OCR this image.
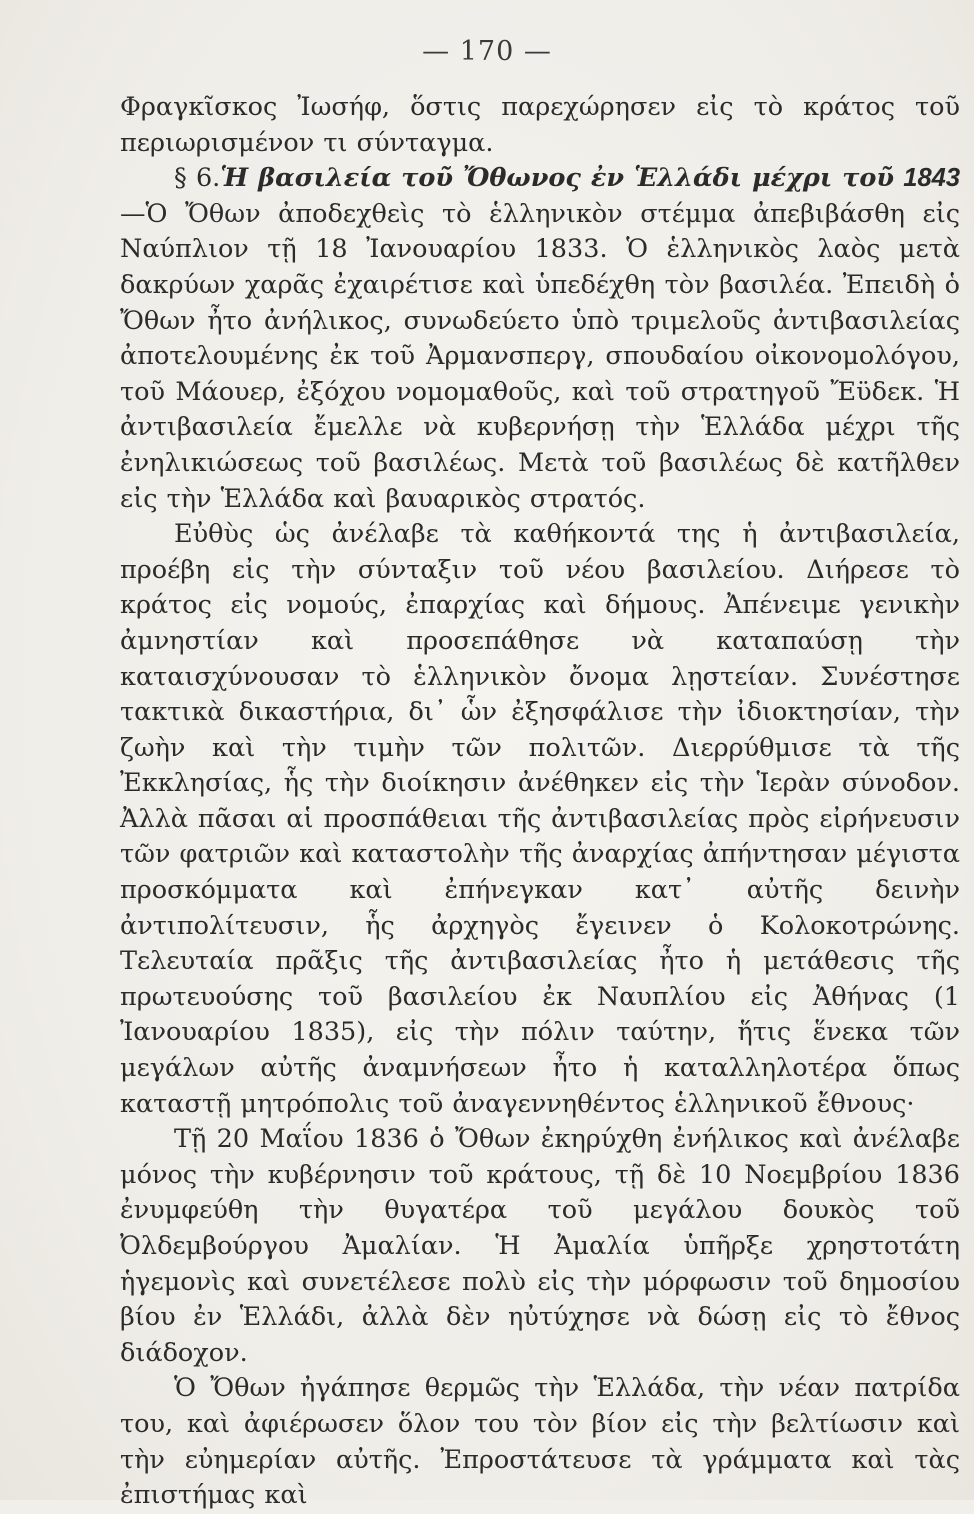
— 170 —

Φραγκῖσκος Ἰωσήφ, ὅστις παρεχώρησεν εἰς τὸ κράτος τοῦ περιωρισμένον τι σύνταγμα.

§ 6.Ἡ βασιλεία τοῦ Ὄθωνος ἐν Ἑλλάδι μέχρι τοῦ 1843 —Ὁ Ὄθων ἀποδεχθεὶς τὸ ἑλληνικὸν στέμμα ἀπεβιβάσθη εἰς Ναύπλιον τῇ 18 Ἰανουαρίου 1833. Ὁ ἑλληνικὸς λαὸς μετὰ δακρύων χαρᾶς ἐχαιρέτισε καὶ ὑπεδέχθη τὸν βασιλέα. Ἐπειδὴ ὁ Ὄθων ἦτο ἀνήλικος, συνωδεύετο ὑπὸ τριμελοῦς ἀντιβασιλείας ἀποτελουμένης ἐκ τοῦ Ἀρμανσπεργ, σπουδαίου οἰκονομολόγου, τοῦ Μάουερ, ἐξόχου νομομαθοῦς, καὶ τοῦ στρατηγοῦ Ἔϋδεκ. Ἡ ἀντιβασιλεία ἔμελλε νὰ κυβερνήσῃ τὴν Ἑλλάδα μέχρι τῆς ἐνηλικιώσεως τοῦ βασιλέως. Μετὰ τοῦ βασιλέως δὲ κατῆλθεν εἰς τὴν Ἑλλάδα καὶ βαυαρικὸς στρατός.

Εὐθὺς ὡς ἀνέλαβε τὰ καθήκοντά της ἡ ἀντιβασιλεία, προέβη εἰς τὴν σύνταξιν τοῦ νέου βασιλείου. Διήρεσε τὸ κράτος εἰς νομούς, ἐπαρχίας καὶ δήμους. Ἀπένειμε γενικὴν ἀμνηστίαν καὶ προσεπάθησε νὰ καταπαύσῃ τὴν καταισχύνουσαν τὸ ἑλληνικὸν ὄνομα λῃστείαν. Συνέστησε τακτικὰ δικαστήρια, δι᾽ ὧν ἐξησφάλισε τὴν ἰδιοκτησίαν, τὴν ζωὴν καὶ τὴν τιμὴν τῶν πολιτῶν. Διερρύθμισε τὰ τῆς Ἐκκλησίας, ἧς τὴν διοίκησιν ἀνέθηκεν εἰς τὴν Ἱερὰν σύνοδον. Ἀλλὰ πᾶσαι αἱ προσπάθειαι τῆς ἀντιβασιλείας πρὸς εἰρήνευσιν τῶν φατριῶν καὶ καταστολὴν τῆς ἀναρχίας ἀπήντησαν μέγιστα προσκόμματα καὶ ἐπήνεγκαν κατ᾽ αὐτῆς δεινὴν ἀντιπολίτευσιν, ἧς ἀρχηγὸς ἔγεινεν ὁ Κολοκοτρώνης. Τελευταία πρᾶξις τῆς ἀντιβασιλείας ἦτο ἡ μετάθεσις τῆς πρωτευούσης τοῦ βασιλείου ἐκ Ναυπλίου εἰς Ἀθήνας (1 Ἰανουαρίου 1835), εἰς τὴν πόλιν ταύτην, ἥτις ἕνεκα τῶν μεγάλων αὐτῆς ἀναμνήσεων ἦτο ἡ καταλληλοτέρα ὅπως καταστῇ μητρόπολις τοῦ ἀναγεννηθέντος ἑλληνικοῦ ἔθνους·

Τῇ 20 Μαΐου 1836 ὁ Ὄθων ἐκηρύχθη ἐνήλικος καὶ ἀνέλαβε μόνος τὴν κυβέρνησιν τοῦ κράτους, τῇ δὲ 10 Νοεμβρίου 1836 ἐνυμφεύθη τὴν θυγατέρα τοῦ μεγάλου δουκὸς τοῦ Ὀλδεμβούργου Ἀμαλίαν. Ἡ Ἀμαλία ὑπῆρξε χρηστοτάτη ἡγεμονὶς καὶ συνετέλεσε πολὺ εἰς τὴν μόρφωσιν τοῦ δημοσίου βίου ἐν Ἑλλάδι, ἀλλὰ δὲν ηὐτύχησε νὰ δώσῃ εἰς τὸ ἔθνος διάδοχον.

Ὁ Ὄθων ἠγάπησε θερμῶς τὴν Ἑλλάδα, τὴν νέαν πατρίδα του, καὶ ἀφιέρωσεν ὅλον του τὸν βίον εἰς τὴν βελτίωσιν καὶ τὴν εὐημερίαν αὐτῆς. Ἐπροστάτευσε τὰ γράμματα καὶ τὰς ἐπιστήμας καὶ
